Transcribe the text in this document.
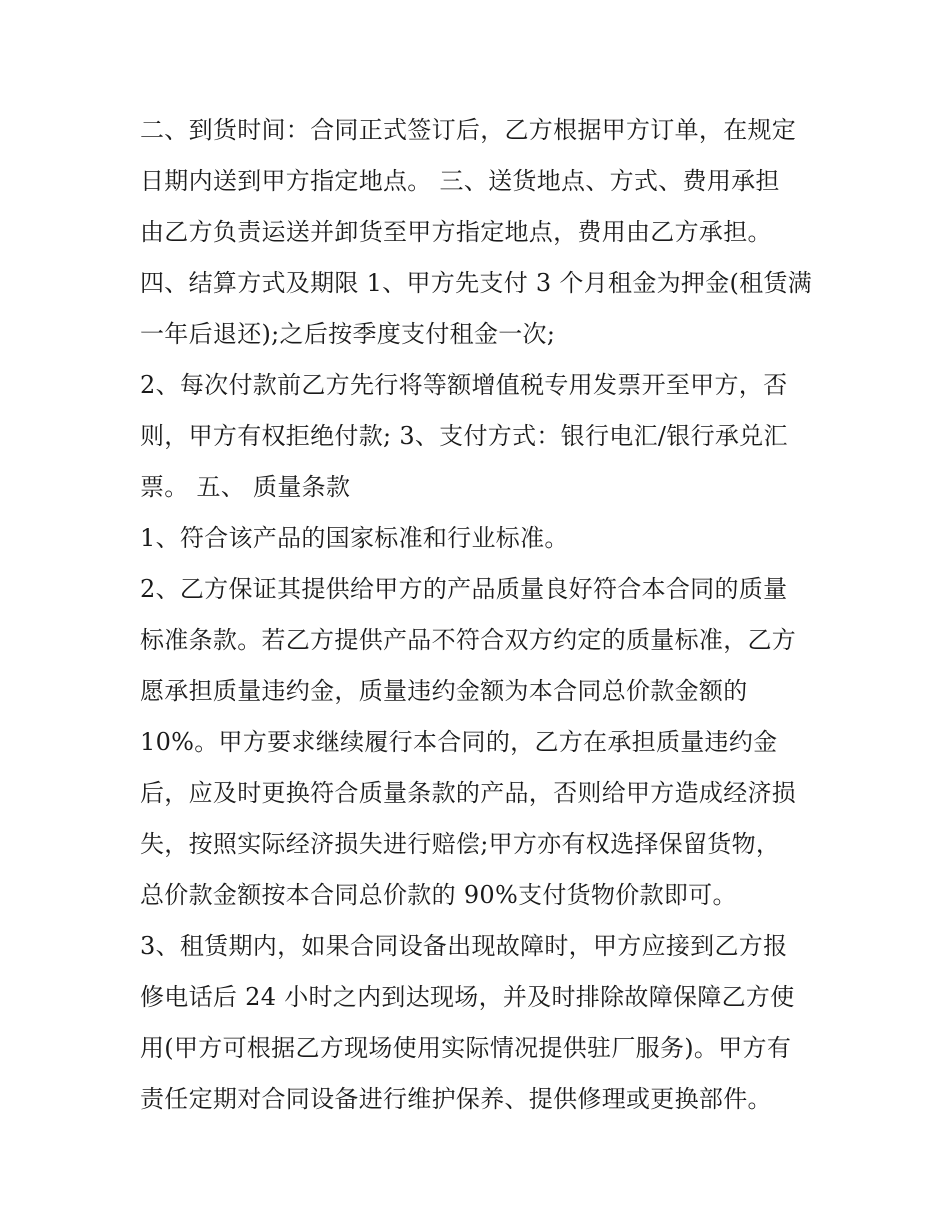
二、到货时间：合同正式签订后，乙方根据甲方订单，在规定
日期内送到甲方指定地点。 三、送货地点、方式、费用承担
由乙方负责运送并卸货至甲方指定地点，费用由乙方承担。
四、结算方式及期限 1、甲方先支付 3 个月租金为押金(租赁满
一年后退还);之后按季度支付租金一次;
2、每次付款前乙方先行将等额增值税专用发票开至甲方，否
则，甲方有权拒绝付款; 3、支付方式：银行电汇/银行承兑汇
票。 五、 质量条款
1、符合该产品的国家标准和行业标准。
2、乙方保证其提供给甲方的产品质量良好符合本合同的质量
标准条款。若乙方提供产品不符合双方约定的质量标准，乙方
愿承担质量违约金，质量违约金额为本合同总价款金额的
10%。甲方要求继续履行本合同的，乙方在承担质量违约金
后，应及时更换符合质量条款的产品，否则给甲方造成经济损
失，按照实际经济损失进行赔偿;甲方亦有权选择保留货物，
总价款金额按本合同总价款的 90%支付货物价款即可。
3、租赁期内，如果合同设备出现故障时，甲方应接到乙方报
修电话后 24 小时之内到达现场，并及时排除故障保障乙方使
用(甲方可根据乙方现场使用实际情况提供驻厂服务)。甲方有
责任定期对合同设备进行维护保养、提供修理或更换部件。
